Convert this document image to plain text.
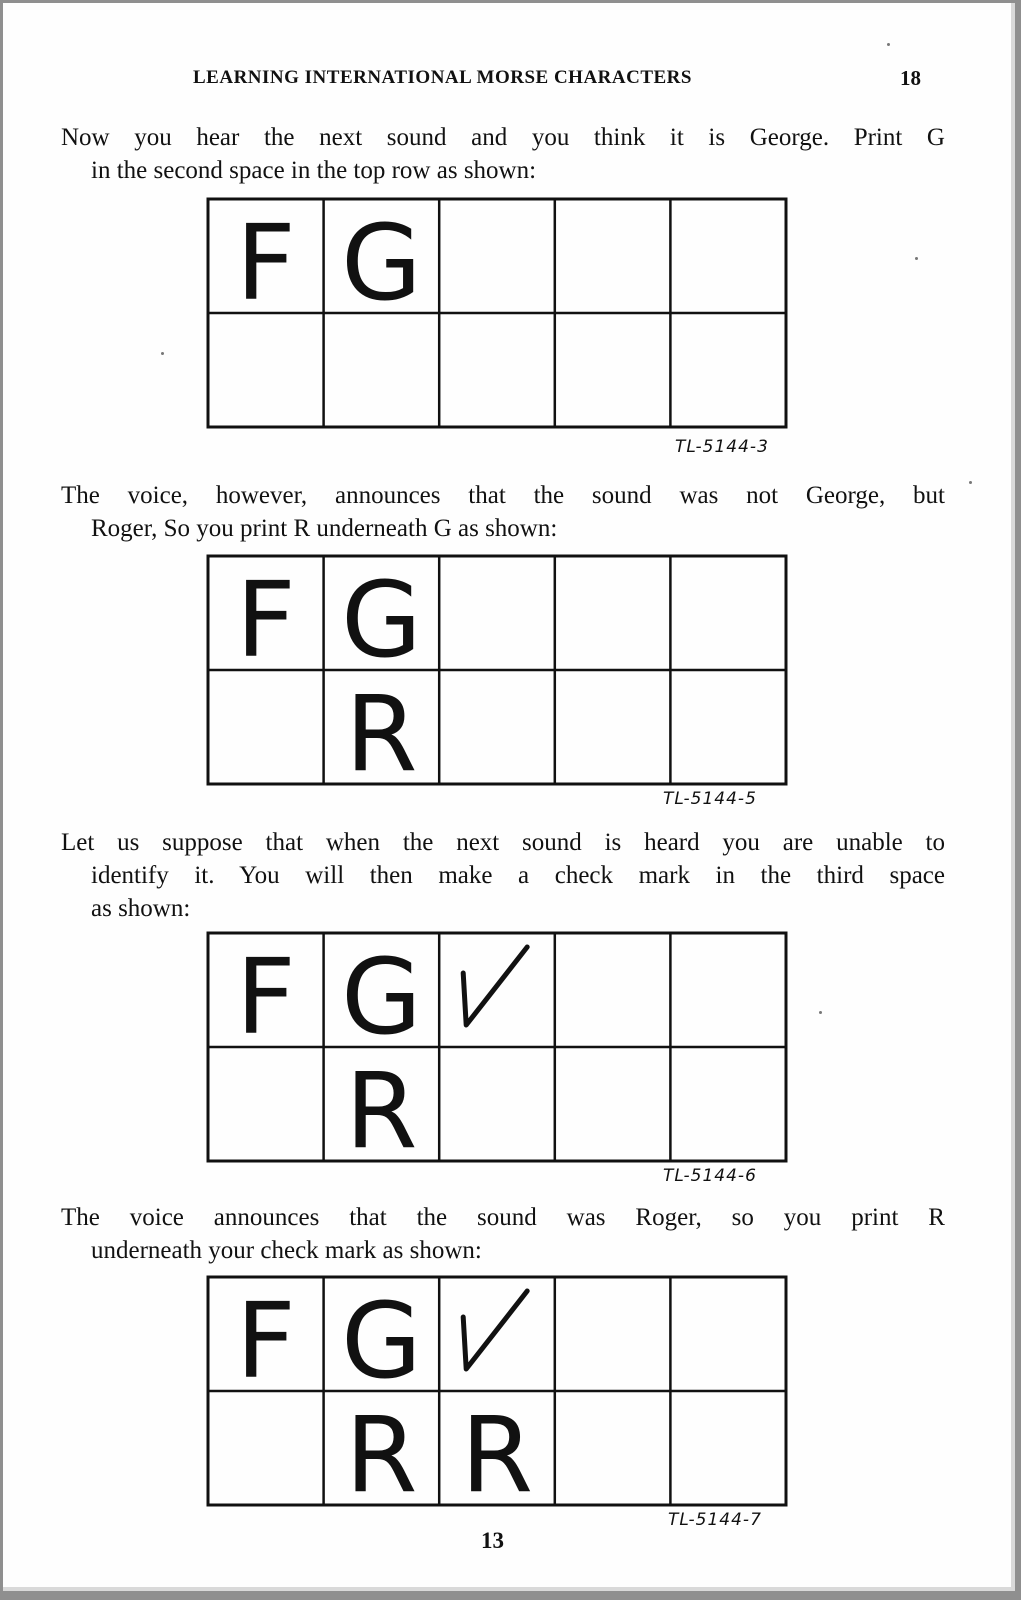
LEARNING INTERNATIONAL MORSE CHARACTERS	18
Now you hear the next sound and you think it is George. Print G
in the second space in the top row as shown:
F G
TL-5144-3
The voice, however, announces that the sound was not George, but
Roger, So you print R underneath G as shown:
F G
R
TL-5144-5
Let us suppose that when the next sound is heard you are unable to
identify it. You will then make a check mark in the third space
as shown:
F G
R
TL-5144-6
The voice announces that the sound was Roger, so you print R
underneath your check mark as shown:
F G
R R
TL-5144-7
13
